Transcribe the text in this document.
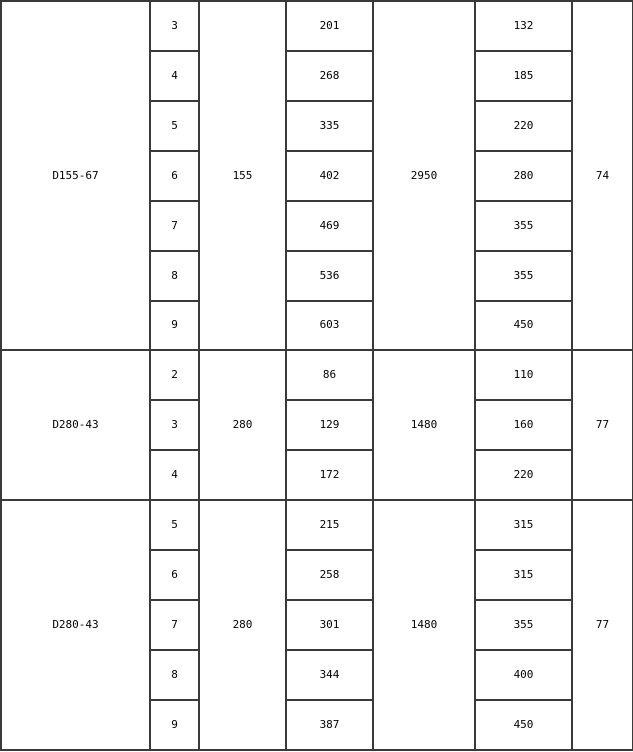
D155-67	3	155	201	2950	132	74
	4		268		185	
	5		335		220	
	6		402		280	
	7		469		355	
	8		536		355	
	9		603		450	
D280-43	2	280	86	1480	110	77
	3		129		160	
	4		172		220	
D280-43	5	280	215	1480	315	77
	6		258		315	
	7		301		355	
	8		344		400	
	9		387		450	
